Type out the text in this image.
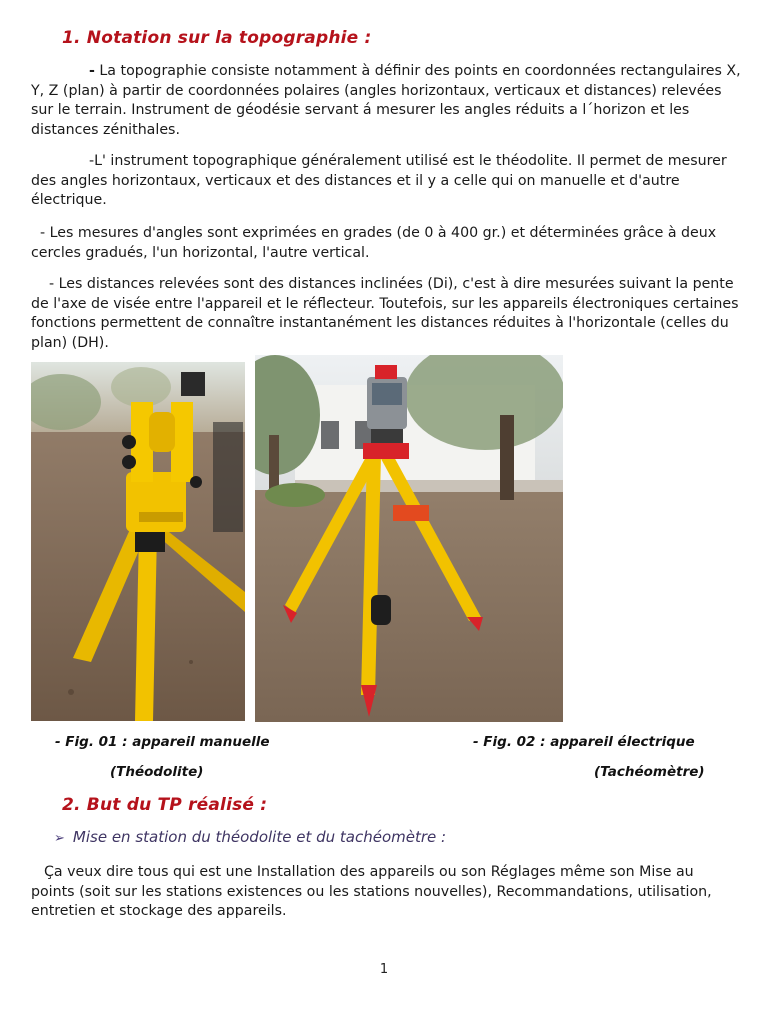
1. Notation sur la topographie :

- La topographie consiste notamment à définir des points en coordonnées rectangulaires X, Y, Z (plan) à partir de coordonnées polaires (angles horizontaux, verticaux et distances) relevées sur le terrain. Instrument de géodésie servant á mesurer les angles réduits a l´horizon et les distances zénithales.

-L' instrument topographique généralement utilisé est le théodolite. Il permet de mesurer des angles horizontaux, verticaux et des distances et il y a celle qui on manuelle et d'autre électrique.

- Les mesures d'angles sont exprimées en grades (de 0 à 400 gr.) et déterminées grâce à deux cercles gradués, l'un horizontal, l'autre vertical.

- Les distances relevées sont des distances inclinées (Di), c'est à dire mesurées suivant la pente de l'axe de visée entre l'appareil et le réflecteur. Toutefois, sur les appareils électroniques certaines fonctions permettent de connaître instantanément les distances réduites à l'horizontale (celles du plan) (DH).

- Fig. 01 : appareil manuelle

(Théodolite)

- Fig. 02 : appareil électrique

(Tachéomètre)

2. But du TP réalisé :

➢ Mise en station du théodolite et du tachéomètre :

Ça veux dire tous qui est une Installation des appareils ou son Réglages même son Mise au points (soit sur les stations existences ou les stations nouvelles), Recommandations, utilisation, entretien et stockage des appareils.

1
